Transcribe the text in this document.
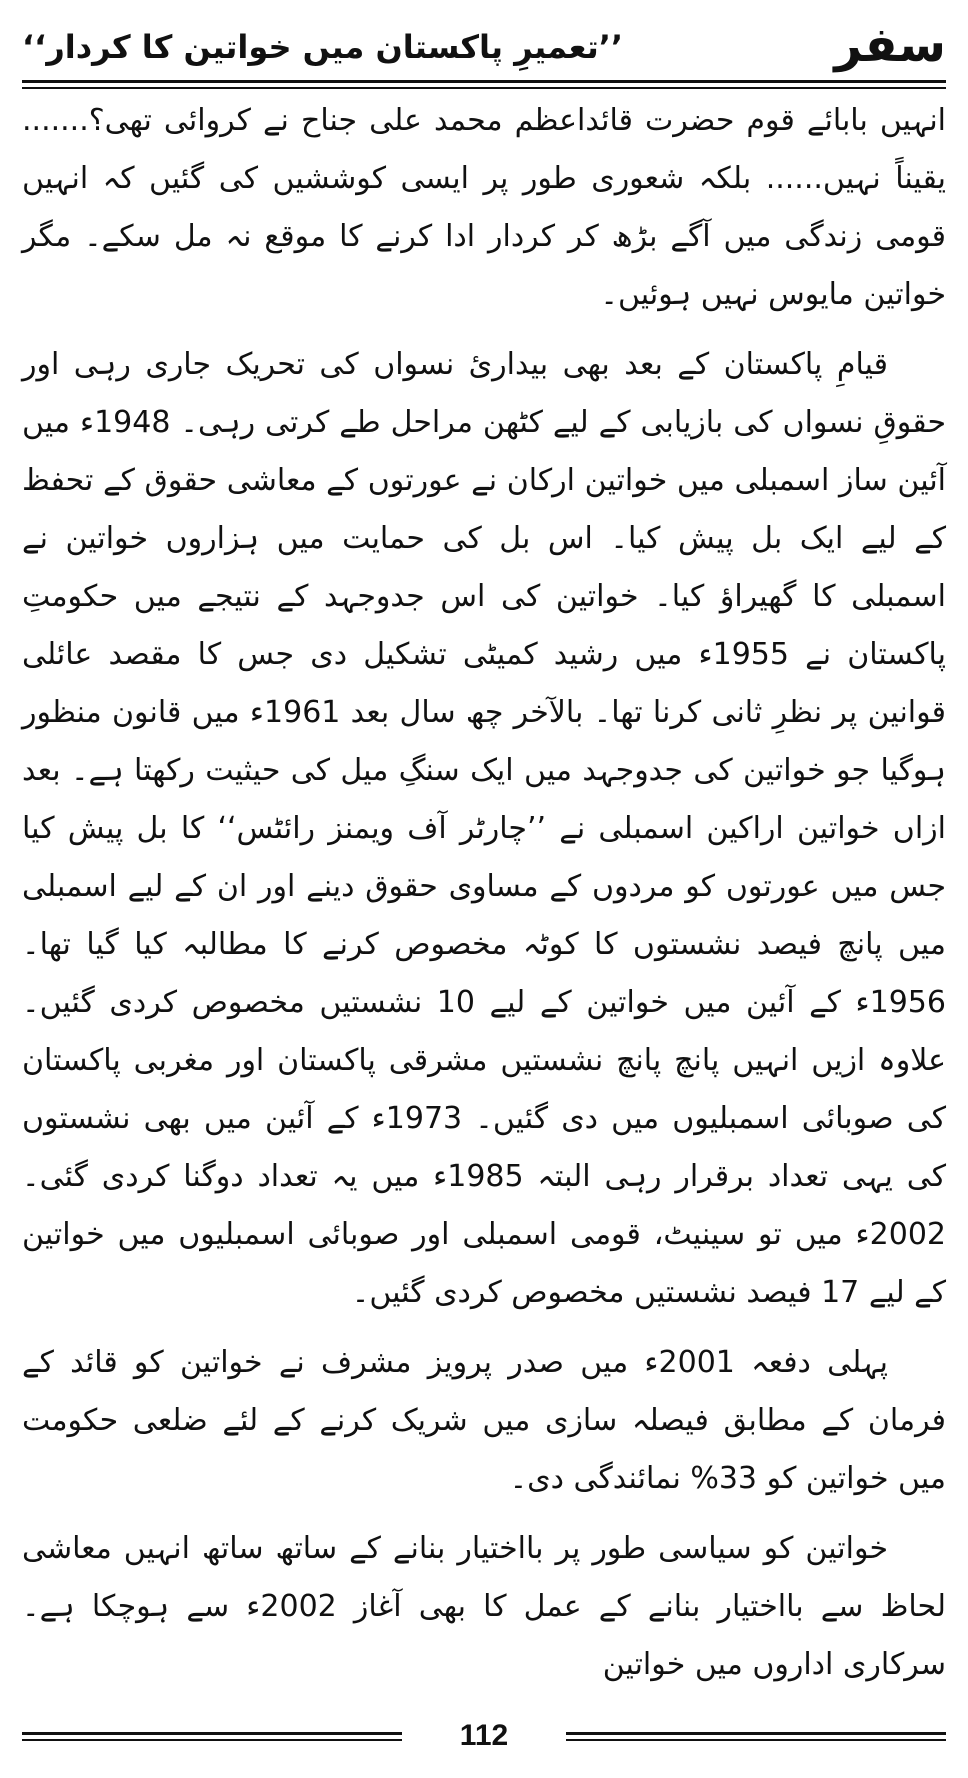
سفر
’’تعمیرِ پاکستان میں خواتین کا کردار‘‘

انہیں بابائے قوم حضرت قائداعظم محمد علی جناح نے کروائی تھی؟....... یقیناً نہیں...... بلکہ شعوری طور پر ایسی کوششیں کی گئیں کہ انہیں قومی زندگی میں آگے بڑھ کر کردار ادا کرنے کا موقع نہ مل سکے۔ مگر خواتین مایوس نہیں ہوئیں۔

قیامِ پاکستان کے بعد بھی بیداریٔ نسواں کی تحریک جاری رہی اور حقوقِ نسواں کی بازیابی کے لیے کٹھن مراحل طے کرتی رہی۔ 1948ء میں آئین ساز اسمبلی میں خواتین ارکان نے عورتوں کے معاشی حقوق کے تحفظ کے لیے ایک بل پیش کیا۔ اس بل کی حمایت میں ہزاروں خواتین نے اسمبلی کا گھیراؤ کیا۔ خواتین کی اس جدوجہد کے نتیجے میں حکومتِ پاکستان نے 1955ء میں رشید کمیٹی تشکیل دی جس کا مقصد عائلی قوانین پر نظرِ ثانی کرنا تھا۔ بالآخر چھ سال بعد 1961ء میں قانون منظور ہوگیا جو خواتین کی جدوجہد میں ایک سنگِ میل کی حیثیت رکھتا ہے۔ بعد ازاں خواتین اراکین اسمبلی نے ’’چارٹر آف ویمنز رائٹس‘‘ کا بل پیش کیا جس میں عورتوں کو مردوں کے مساوی حقوق دینے اور ان کے لیے اسمبلی میں پانچ فیصد نشستوں کا کوٹہ مخصوص کرنے کا مطالبہ کیا گیا تھا۔ 1956ء کے آئین میں خواتین کے لیے 10 نشستیں مخصوص کردی گئیں۔ علاوہ ازیں انہیں پانچ پانچ نشستیں مشرقی پاکستان اور مغربی پاکستان کی صوبائی اسمبلیوں میں دی گئیں۔ 1973ء کے آئین میں بھی نشستوں کی یہی تعداد برقرار رہی البتہ 1985ء میں یہ تعداد دوگنا کردی گئی۔ 2002ء میں تو سینیٹ، قومی اسمبلی اور صوبائی اسمبلیوں میں خواتین کے لیے 17 فیصد نشستیں مخصوص کردی گئیں۔

پہلی دفعہ 2001ء میں صدر پرویز مشرف نے خواتین کو قائد کے فرمان کے مطابق فیصلہ سازی میں شریک کرنے کے لئے ضلعی حکومت میں خواتین کو 33% نمائندگی دی۔

خواتین کو سیاسی طور پر بااختیار بنانے کے ساتھ ساتھ انہیں معاشی لحاظ سے بااختیار بنانے کے عمل کا بھی آغاز 2002ء سے ہوچکا ہے۔ سرکاری اداروں میں خواتین

112
